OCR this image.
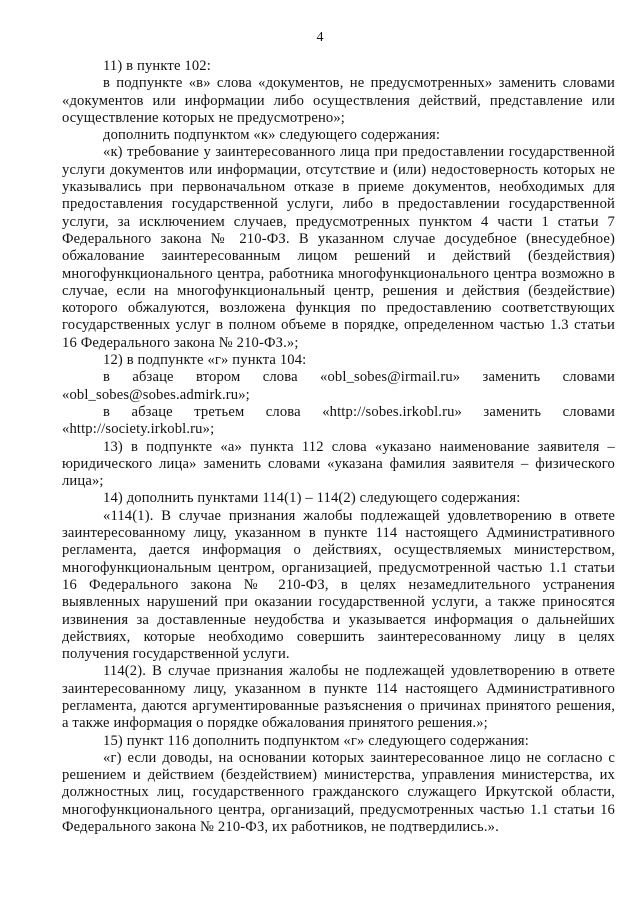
4

11) в пункте 102:

в подпункте «в» слова «документов, не предусмотренных» заменить словами «документов или информации либо осуществления действий, представление или осуществление которых не предусмотрено»;

дополнить подпунктом «к» следующего содержания:

«к) требование у заинтересованного лица при предоставлении государственной услуги документов или информации, отсутствие и (или) недостоверность которых не указывались при первоначальном отказе в приеме документов, необходимых для предоставления государственной услуги, либо в предоставлении государственной услуги, за исключением случаев, предусмотренных пунктом 4 части 1 статьи 7 Федерального закона № 210-ФЗ. В указанном случае досудебное (внесудебное) обжалование заинтересованным лицом решений и действий (бездействия) многофункционального центра, работника многофункционального центра возможно в случае, если на многофункциональный центр, решения и действия (бездействие) которого обжалуются, возложена функция по предоставлению соответствующих государственных услуг в полном объеме в порядке, определенном частью 1.3 статьи 16 Федерального закона № 210-ФЗ.»;

12) в подпункте «г» пункта 104:

в абзаце втором слова «obl_sobes@irmail.ru» заменить словами «obl_sobes@sobes.admirk.ru»;

в абзаце третьем слова «http://sobes.irkobl.ru» заменить словами «http://society.irkobl.ru»;

13) в подпункте «а» пункта 112 слова «указано наименование заявителя – юридического лица» заменить словами «указана фамилия заявителя – физического лица»;

14) дополнить пунктами 114(1) – 114(2) следующего содержания:

«114(1). В случае признания жалобы подлежащей удовлетворению в ответе заинтересованному лицу, указанном в пункте 114 настоящего Административного регламента, дается информация о действиях, осуществляемых министерством, многофункциональным центром, организацией, предусмотренной частью 1.1 статьи 16 Федерального закона № 210-ФЗ, в целях незамедлительного устранения выявленных нарушений при оказании государственной услуги, а также приносятся извинения за доставленные неудобства и указывается информация о дальнейших действиях, которые необходимо совершить заинтересованному лицу в целях получения государственной услуги.

114(2). В случае признания жалобы не подлежащей удовлетворению в ответе заинтересованному лицу, указанном в пункте 114 настоящего Административного регламента, даются аргументированные разъяснения о причинах принятого решения, а также информация о порядке обжалования принятого решения.»;

15) пункт 116 дополнить подпунктом «г» следующего содержания:

«г) если доводы, на основании которых заинтересованное лицо не согласно с решением и действием (бездействием) министерства, управления министерства, их должностных лиц, государственного гражданского служащего Иркутской области, многофункционального центра, организаций, предусмотренных частью 1.1 статьи 16 Федерального закона № 210-ФЗ, их работников, не подтвердились.».
